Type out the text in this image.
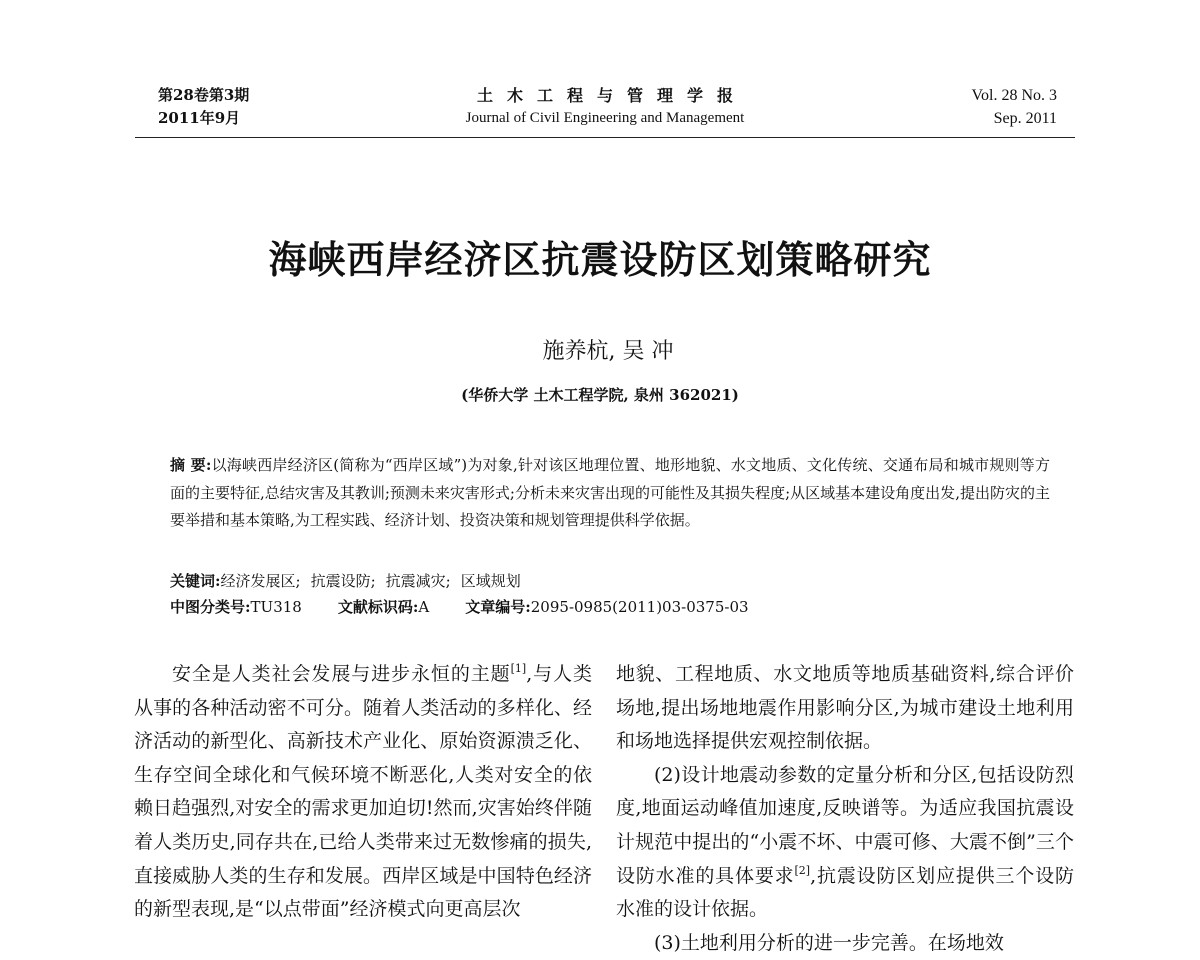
第28卷第3期
2011年9月
土木工程与管理学报
Journal of Civil Engineering and Management
Vol. 28 No. 3
Sep. 2011
海峡西岸经济区抗震设防区划策略研究
施养杭, 吴 冲
(华侨大学 土木工程学院, 泉州 362021)

摘 要:以海峡西岸经济区(简称为“西岸区域”)为对象,针对该区地理位置、地形地貌、水文地质、文化传统、交通布局和城市规则等方面的主要特征,总结灾害及其教训;预测未来灾害形式;分析未来灾害出现的可能性及其损失程度;从区域基本建设角度出发,提出防灾的主要举措和基本策略,为工程实践、经济计划、投资决策和规划管理提供科学依据。

关键词:经济发展区; 抗震设防; 抗震减灾; 区域规划
中图分类号:TU318 文献标识码:A 文章编号:2095-0985(2011)03-0375-03

安全是人类社会发展与进步永恒的主题[1],与人类从事的各种活动密不可分。随着人类活动的多样化、经济活动的新型化、高新技术产业化、原始资源溃乏化、生存空间全球化和气候环境不断恶化,人类对安全的依赖日趋强烈,对安全的需求更加迫切!然而,灾害始终伴随着人类历史,同存共在,已给人类带来过无数惨痛的损失,直接威胁人类的生存和发展。西岸区域是中国特色经济的新型表现,是“以点带面”经济模式向更高层次

地貌、工程地质、水文地质等地质基础资料,综合评价场地,提出场地地震作用影响分区,为城市建设土地利用和场地选择提供宏观控制依据。

(2)设计地震动参数的定量分析和分区,包括设防烈度,地面运动峰值加速度,反映谱等。为适应我国抗震设计规范中提出的“小震不坏、中震可修、大震不倒”三个设防水准的具体要求[2],抗震设防区划应提供三个设防水准的设计依据。

(3)土地利用分析的进一步完善。在场地效
